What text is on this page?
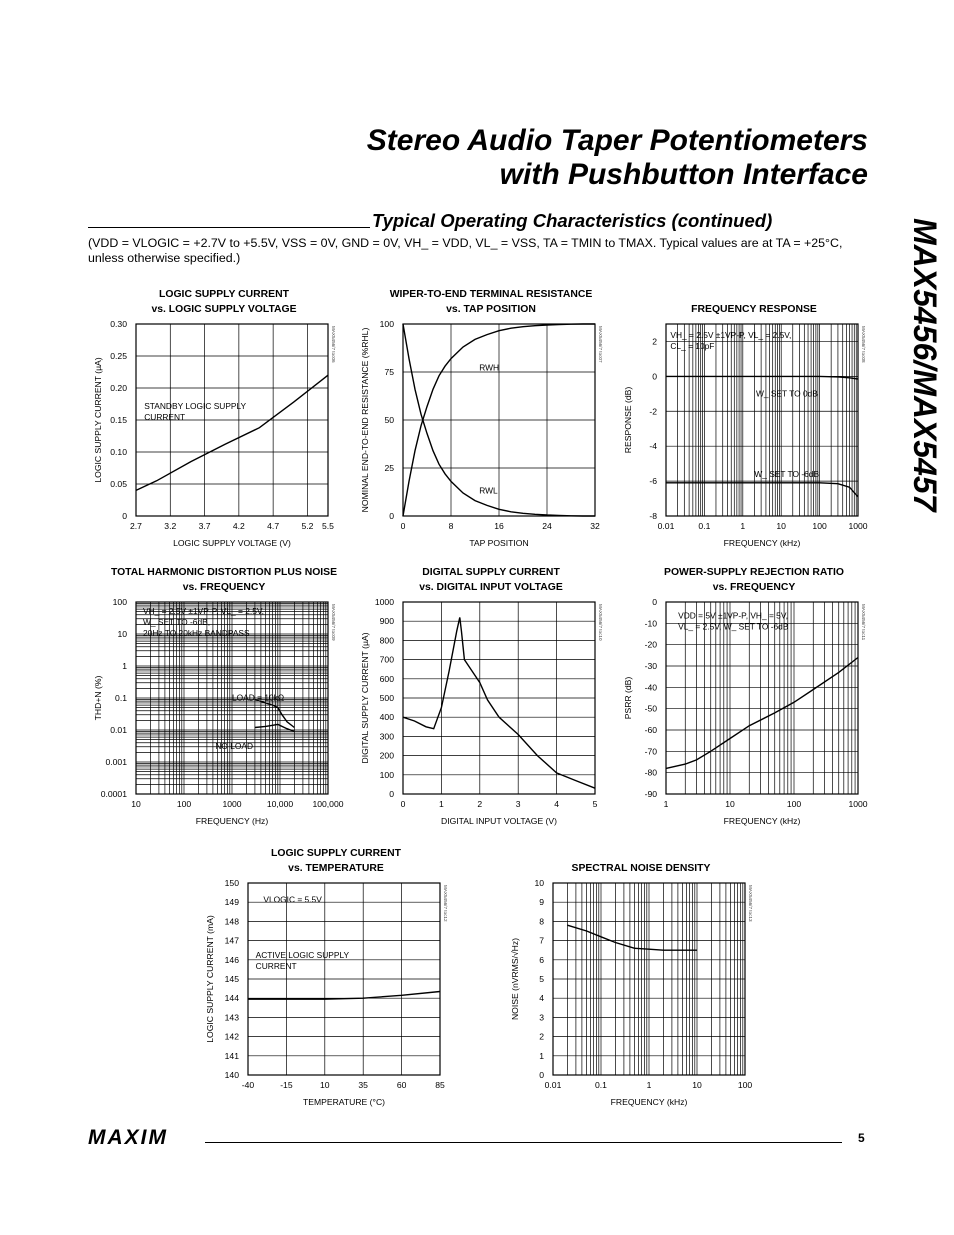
Stereo Audio Taper Potentiometers
with Pushbutton Interface
MAX5456/MAX5457
Typical Operating Characteristics (continued)
(VDD = VLOGIC = +2.7V to +5.5V, VSS = 0V, GND = 0V, VH_ = VDD, VL_ = VSS, TA = TMIN to TMAX. Typical values are at TA = +25°C,
unless otherwise specified.)
LOGIC SUPPLY CURRENT
vs. LOGIC SUPPLY VOLTAGE
2.7	3.2	3.7	4.2	4.7	5.2 5.5
0
0.05
0.10
0.15
0.20
0.25
0.30
LOGIC SUPPLY VOLTAGE (V)
LOGIC SUPPLY CURRENT (µA)
MAX5456/7 toc06
STANDBY LOGIC SUPPLY
CURRENT
WIPER-TO-END TERMINAL RESISTANCE
vs. TAP POSITION
0	8	16	24	32
0
25
50
75
100
TAP POSITION
NOMINAL END-TO-END RESISTANCE (%RHL)	MAX5456/7 toc07
RWH
RWL
FREQUENCY RESPONSE
0.01	0.1	1	10	100	1000
-8
-6
-4
-2
0
2
FREQUENCY (kHz)
RESPONSE (dB)
MAX5456/7 toc08
VH_ = 2.5V ±1VP-P, VL_ = 2.5V,
CL_ = 10pF
W_ SET TO 0dB
W_ SET TO -6dB
TOTAL HARMONIC DISTORTION PLUS NOISE
vs. FREQUENCY
10	100	1000	10,000 100,000
0.0001
0.001
0.01
0.1
1
10
100
FREQUENCY (Hz)
THD+N (%)
MAX5456/7 toc09
VH_ = 2.5V ±1VP-P, VL_ = 2.5V,
W_ SET TO -6dB,
20Hz TO 20kHz BANDPASS
LOAD = 10kΩ
NO LOAD
DIGITAL SUPPLY CURRENT
vs. DIGITAL INPUT VOLTAGE
0	1	2	3	4	5
0
100
200
300
400
500
600
700
800
900
1000
DIGITAL INPUT VOLTAGE (V)
DIGITAL SUPPLY CURRENT (µA)
MAX5456/7 toc10
POWER-SUPPLY REJECTION RATIO
vs. FREQUENCY
1	10	100	1000
-90
-80
-70
-60
-50
-40
-30
-20
-10
0
FREQUENCY (kHz)
PSRR (dB)
MAX5456/7 toc11
VDD = 5V ±1VP-P, VH_ = 5V,
VL_ = 2.5V, W_ SET TO -6dB
LOGIC SUPPLY CURRENT
vs. TEMPERATURE
-40	-15	10	35	60	85
140
141
142
143
144
145
146
147
148
149
150
TEMPERATURE (°C)
LOGIC SUPPLY CURRENT (mA)
MAX5456/7 toc12
VLOGIC = 5.5V
ACTIVE LOGIC SUPPLY
CURRENT
SPECTRAL NOISE DENSITY
0.01	0.1	1	10	100
0
1
2
3
4
5
6
7
8
9
10
FREQUENCY (kHz)
NOISE (nVRMS/√Hz)
MAX5456/7 toc13
MAXIM	5
